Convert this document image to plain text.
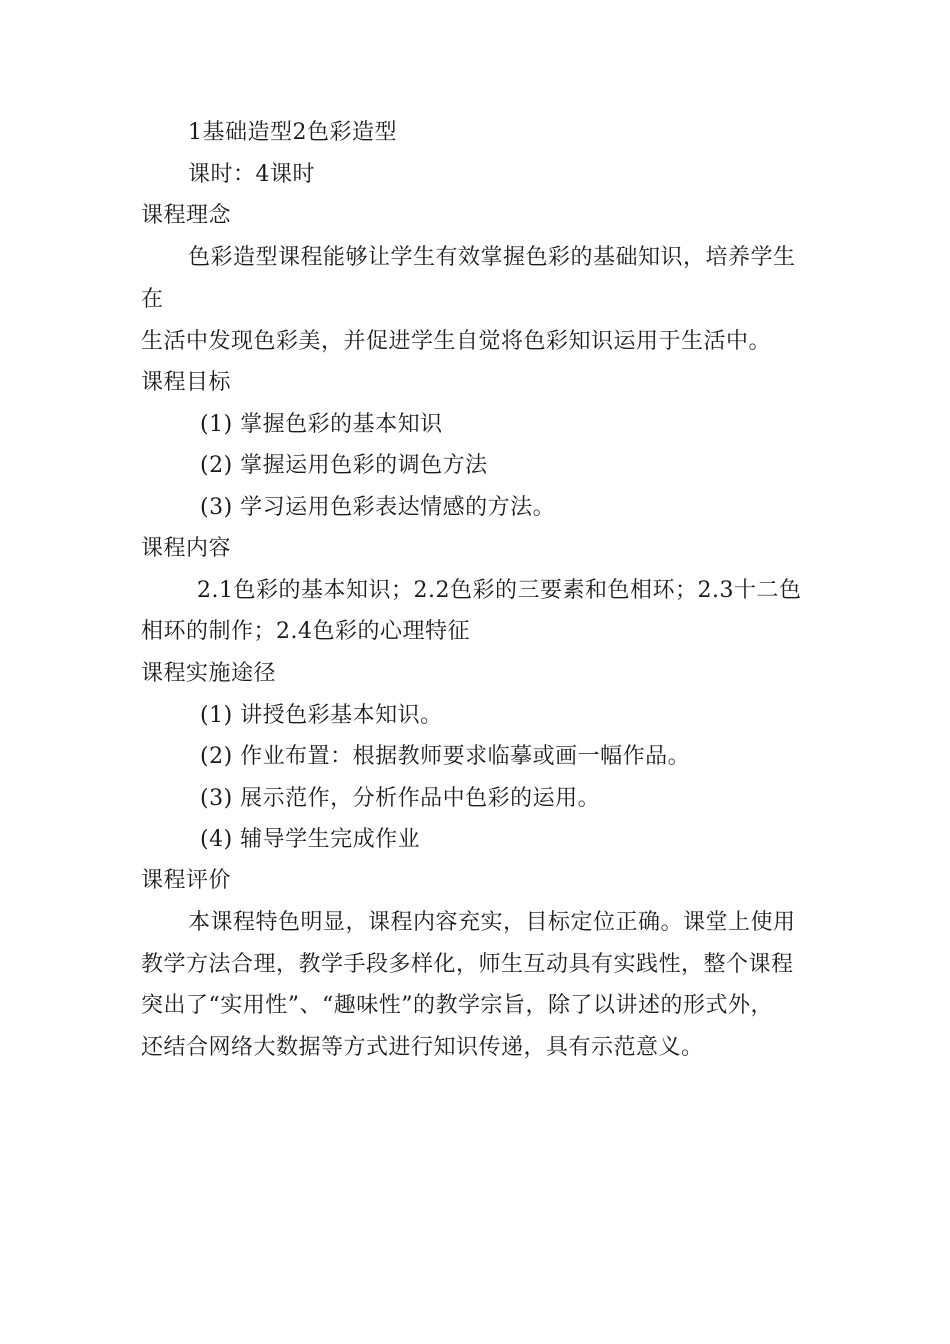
1基础造型2色彩造型
课时：4课时
课程理念
色彩造型课程能够让学生有效掌握色彩的基础知识，培养学生
在
生活中发现色彩美，并促进学生自觉将色彩知识运用于生活中。
课程目标
(1) 掌握色彩的基本知识
(2) 掌握运用色彩的调色方法
(3) 学习运用色彩表达情感的方法。
课程内容
2.1色彩的基本知识；2.2色彩的三要素和色相环；2.3十二色
相环的制作；2.4色彩的心理特征
课程实施途径
(1) 讲授色彩基本知识。
(2) 作业布置：根据教师要求临摹或画一幅作品。
(3) 展示范作，分析作品中色彩的运用。
(4) 辅导学生完成作业
课程评价
本课程特色明显，课程内容充实，目标定位正确。课堂上使用
教学方法合理，教学手段多样化，师生互动具有实践性，整个课程
突出了“实用性”、“趣味性”的教学宗旨，除了以讲述的形式外，
还结合网络大数据等方式进行知识传递，具有示范意义。
